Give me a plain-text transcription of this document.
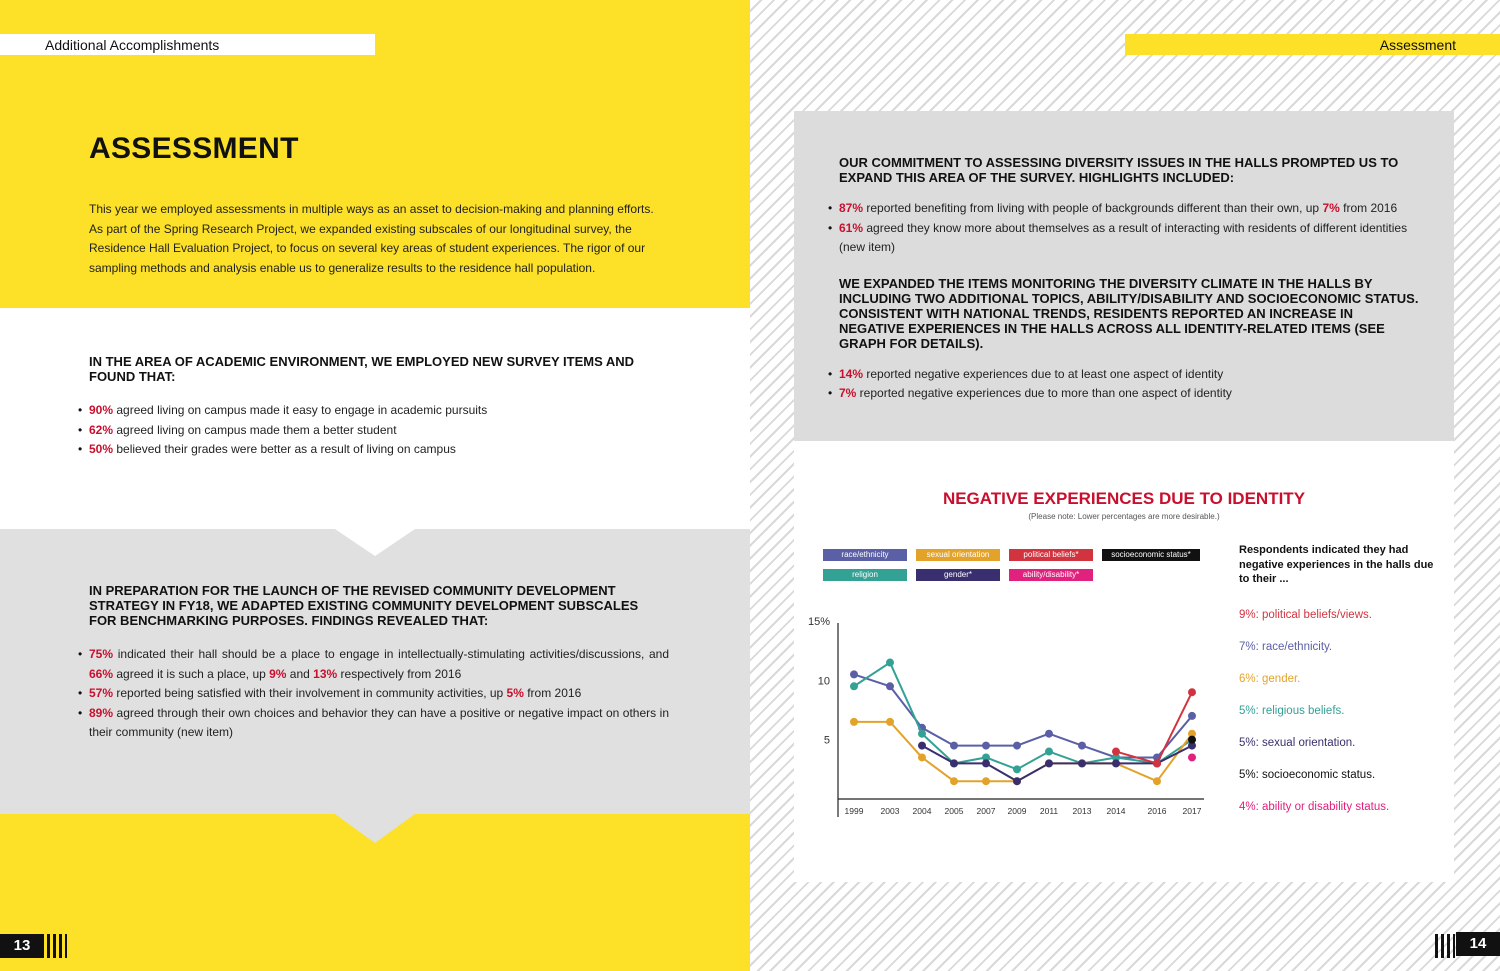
Additional Accomplishments
ASSESSMENT

This year we employed assessments in multiple ways as an asset to decision-making and planning efforts. As part of the Spring Research Project, we expanded existing subscales of our longitudinal survey, the Residence Hall Evaluation Project, to focus on several key areas of student experiences. The rigor of our sampling methods and analysis enable us to generalize results to the residence hall population.

IN THE AREA OF ACADEMIC ENVIRONMENT, WE EMPLOYED NEW SURVEY ITEMS AND FOUND THAT:
• 90% agreed living on campus made it easy to engage in academic pursuits
• 62% agreed living on campus made them a better student
• 50% believed their grades were better as a result of living on campus
IN PREPARATION FOR THE LAUNCH OF THE REVISED COMMUNITY DEVELOPMENT STRATEGY IN FY18, WE ADAPTED EXISTING COMMUNITY DEVELOPMENT SUBSCALES FOR BENCHMARKING PURPOSES. FINDINGS REVEALED THAT:
• 75% indicated their hall should be a place to engage in intellectually-stimulating activities/discussions, and 66% agreed it is such a place, up 9% and 13% respectively from 2016
• 57% reported being satisfied with their involvement in community activities, up 5% from 2016
• 89% agreed through their own choices and behavior they can have a positive or negative impact on others in their community (new item)
13
Assessment
OUR COMMITMENT TO ASSESSING DIVERSITY ISSUES IN THE HALLS PROMPTED US TO EXPAND THIS AREA OF THE SURVEY. HIGHLIGHTS INCLUDED:
• 87% reported benefiting from living with people of backgrounds different than their own, up 7% from 2016
• 61% agreed they know more about themselves as a result of interacting with residents of different identities (new item)
WE EXPANDED THE ITEMS MONITORING THE DIVERSITY CLIMATE IN THE HALLS BY INCLUDING TWO ADDITIONAL TOPICS, ABILITY/DISABILITY AND SOCIOECONOMIC STATUS. CONSISTENT WITH NATIONAL TRENDS, RESIDENTS REPORTED AN INCREASE IN NEGATIVE EXPERIENCES IN THE HALLS ACROSS ALL IDENTITY-RELATED ITEMS (SEE GRAPH FOR DETAILS).
• 14% reported negative experiences due to at least one aspect of identity
• 7% reported negative experiences due to more than one aspect of identity
NEGATIVE EXPERIENCES DUE TO IDENTITY
(Please note: Lower percentages are more desirable.)
race/ethnicity	sexual orientation	political beliefs*	socioeconomic status*
religion	gender*	ability/disability*
15%
10
5
1999 2003 2004 2005 2007 2009 2011 2013 2014	2016 2017
Respondents indicated they had negative experiences in the halls due to their ...
9%: political beliefs/views.
7%: race/ethnicity.
6%: gender.
5%: religious beliefs.
5%: sexual orientation.
5%: socioeconomic status.
4%: ability or disability status.
14
